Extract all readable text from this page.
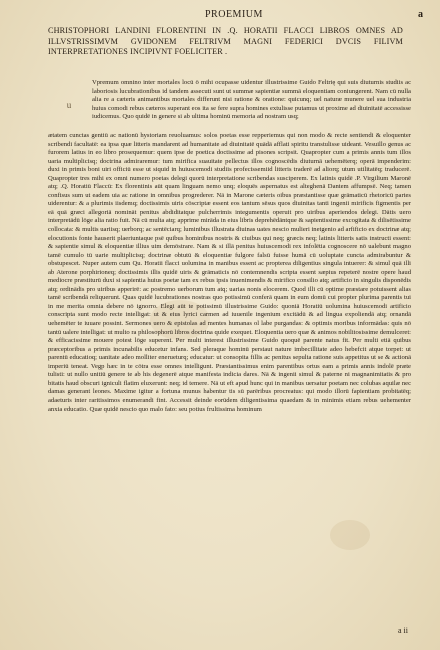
PROEMIUM	a
CHRISTOPHORI LANDINI FLORENTINI IN .Q. HORATII FLACCI LIBROS OMNES AD ILLVSTRISSIMVM GVIDONEM FELTRIVM MAGNI FEDERICI DVCIS FILIVM INTERPRETATIONES INCIPIVNT FOELICITER .
u

Vpremum omnino inter mortales locū ō mihi ocupasse uidentur illustrissime Guido Feltrię qui suis diuturnis studiis ac laboriosis lucubrationibus id tandem assecuti sunt ut summæ sapientiæ summā eloquentiam coniungerent. Nam cū nulla alia re a cæteris animantibus mortales differunt nisi ratione & oratione: quicunq; uel naturæ munere uel sua industria huius comodi rebus cæteros superant eos ita se fere supra homines extulisse putamus ut proxime ad diuinitatē accessisse iudicemus. Quo quidē in genere si ab ultima hominū memoria ad nostram usq;

ætatem cunctas gentiū ac nationū hystoriam reuoluamus: solos poetas esse repperiemus qui non modo & recte sentiendi & eloquenter scribendi facultatē: ea ipsa quæ litteris mandarent ad humanitate ad diuinitatē quādā afflati spiritu transtulisse uideant. Vesuillo genus ac furorem latius in eo libro prosequemur: quem ipse de poetica doctissime ad pisones scripsit. Quapropter cum a primis annis tum illos uaria multiplicisq; doctrina admiraremur: tum mirifica suauitate pellectus illos cognoscēdis diuturnā uehemēterq; operā impenderim: duxi in primis boni uiri officiū esse ut siquid in huiuscemodi studiis profecissemiid litteris traderē ad aliorq; utum utilitatēq; traducerē. Quapropter tres mihi ex omni numero poetas delegi quorū interpretatione scribendas susciperem. Ex latinis quidē .P. Virgilium Maronē atq; .Q. Horatiū Flaccū: Ex florentinis aūt quam linguam nemo unq; eloquēs aspernatus est alteghenā Dantem affumpsē. Neq; tamen confisus sum ut eadem uia ac ratione in omnibus progrederer. Nā in Marone cæteris oibus præstantisse quæ grāmaticū rhetoricū partes uiderentur: & a plurimis iisdemq; doctissimis uiris cōscriptæ essent eos tantum sēsus quos diuinitas tanti ingenii mirificis figmentis per eā quā græci allegoriā nomināt penitus abdiditatque pulcherrimis integumentis operuit pro uiribus aperiendos delegi. Dātis uero interpretādū lōge alia ratio fuit. Nā cū multa atq; apprime mirāda in eius libris deprehēdāntque & sapientissime excogitata & dilisētissime collocata: & multis uariisq; uerborq; ac sentēciarq; luminibus illustrata diuinas uates nescio mulieri inetgenio ad arfificio ex doctrinæ atq; elocutionis fonte hauserit plaeriuntaque psē quibus hominibus nostris & ciuibus qui neq; græcis neq; latinis litteris satis instructi essent: & sapientie simul & eloquentiæ illius uim demōstrare. Nam & si illā penitus huiuscemodi rex infolētia cognoscere nō ualebunt magno tamē cumulo tū uarie multiplicisq; doctrinæ obtutū & eloquentiæ fulgore falsū fuisse humā cū uoluptate cuncta admirabuntur & obstupescet. Nuper autem cum Qu. Horatii flacci uolumina in manibus essent ac propterea diligentius singula intuerer: & simul quā illi ab Aterone porphirioneq; doctissimis illis quidē uiris & grāmaticis nō contemnendis scripta essent sæpius repeterē nostre opere haud mediocre præstiturū duxi si sapientia huius poetæ tam ex rebus ipsis inuenimendis & mirifico consilio atq; artificio in singulis disponēdis atq; ordinādis pro uiribus apperirē: ac postremo uerborum tum atq; uarias nonis elocerem. Quod illi cū optime præstare potuissent alias tamē scribendā reliquerunt. Quas quidē lucubrationes nostras quo potissimū conferā quam in eum domū cui propter plurima parentis tui in me merita omnia debere nō ignorro. Elegi aūt te potissimū illustrissime Guido: quoniā Horatiū uolumina huiuscemodi artificio conscripta sunt modo recte intelligat: ut & eius lyrici carmen ad iuuenile ingenium excitādū & ad lingua expoliendā atq; ornandā uehemēter te iuuare possint. Sermones uero & epistolas ad mentes humanas ol labe purgandas: & optimis moribus informādas: quis nō tantū ualere intelligat: ut multo ra philosophorū libros doctrina quide exequet. Eloquentia uero quæ & animos nobilitosissime demulceret: & efficacissime mouere potest lōge superent. Per multi interest illustrissime Guido quoquē parente natus fit. Per multi etiā quibus præceptoribus a primis incunabilis educetur infans. Sed pleraque hominū perstaut nature imbecillitate adeo hebefcit atque torpet: ut parentū educatioq; uanitate adeo molliter enerueturq; educatur: ut consopita fillis ac penitus sepulta ratione suis appetitus ut se & actionā imperiū teneat. Vegp hæc in te cōtra esse omnes intelligunt. Præstantissimus enim parentibus ortus eam a primis annis indolē præte tulisti: ut nullo unitiū genere te ab his degenerē atque manifesta indicia dares. Nā & ingenii simul & paterne ni magnanimitatis & pro bitatis haud obscuri igniculi flatim eluxerunt: neq; id temere. Nā ut eft apud hunc qui in manibus uersatur poetam nec colubas aquilæ nec damas generant leones. Maxime igitur a fortuna munus habentur tis sū parēribus procreatus: qui modo illorū fapientiam probitatēq; adaeturis inter raritissimos enumerandi fint. Accessit deinde eorūdem diligentissima quaedam & in minimis etiam rebus uehementer anxia educatio. Quæ quidē nescio quo malo fato: seu potius frultissima hominum

a ii
